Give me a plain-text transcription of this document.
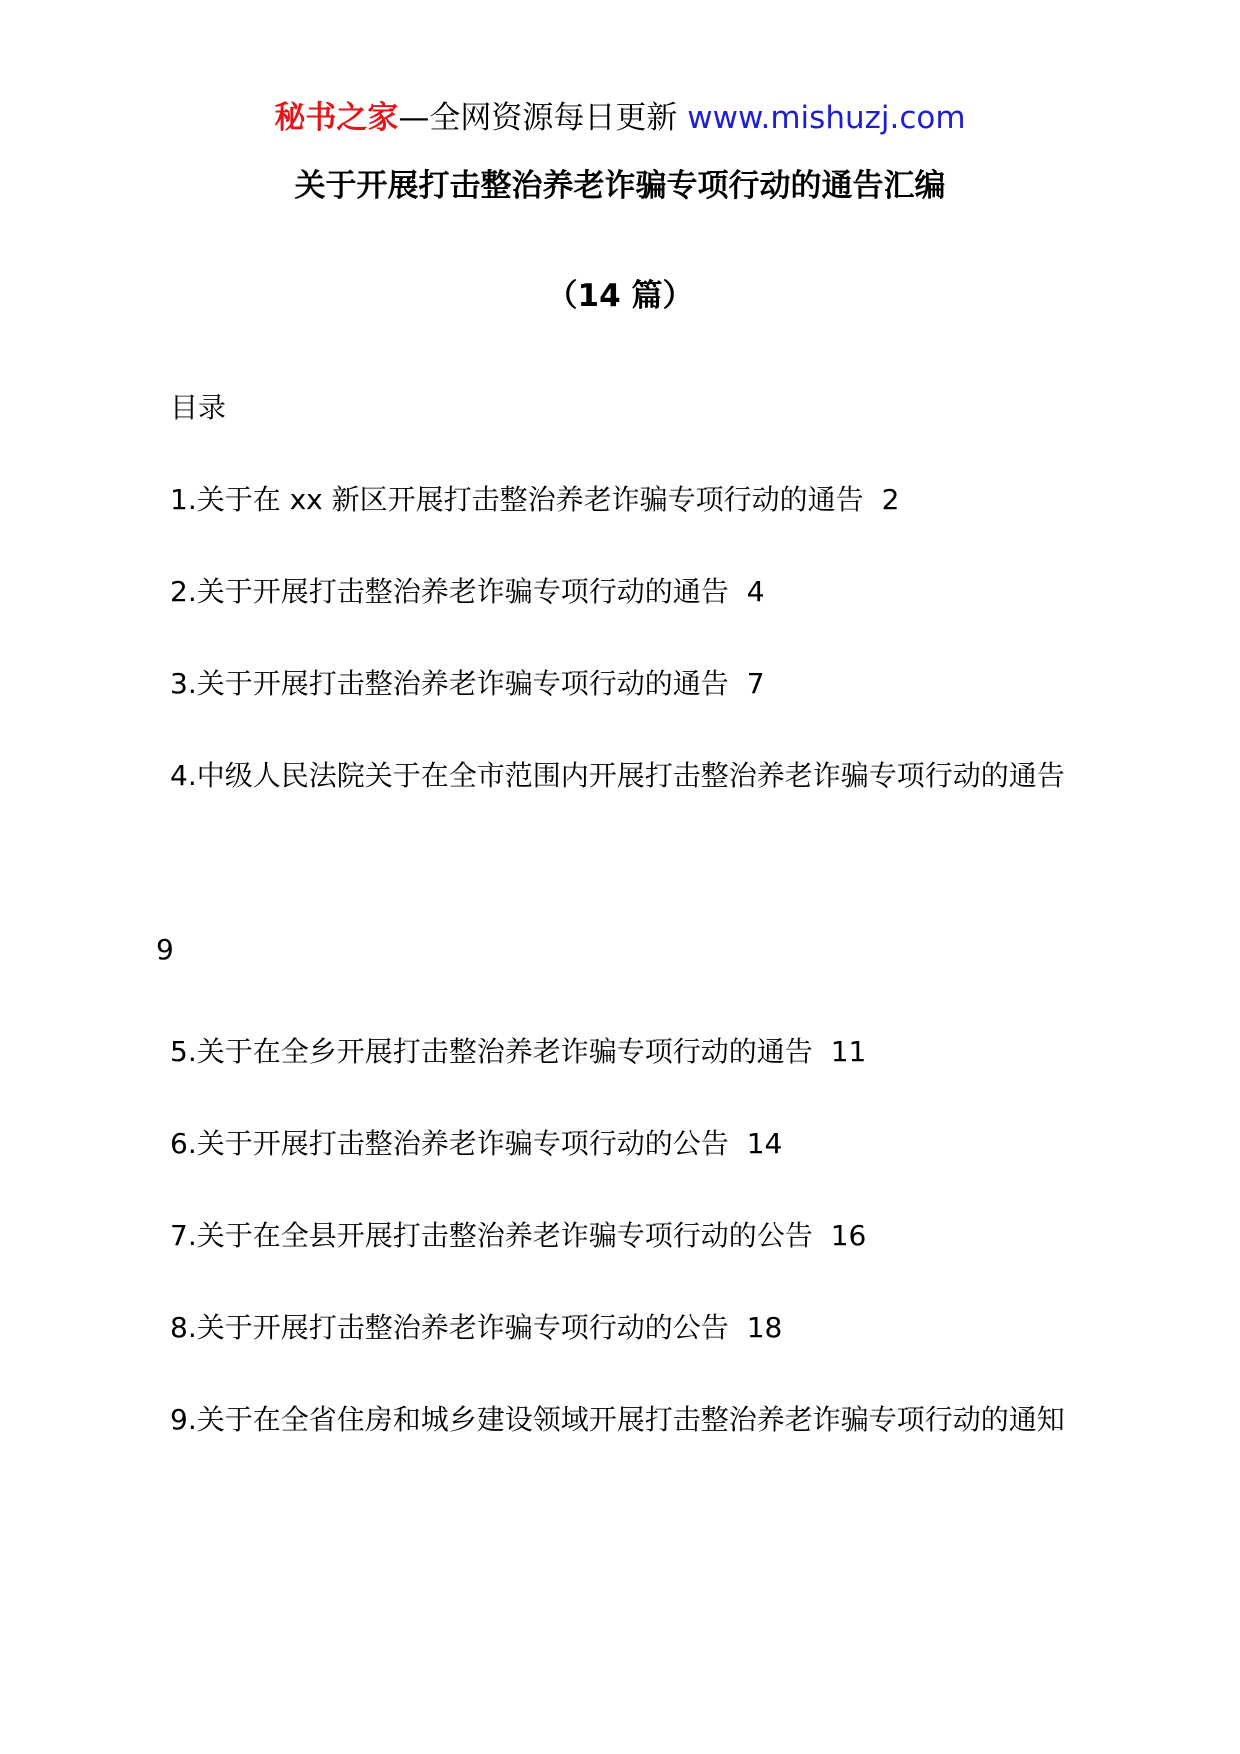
秘书之家—全网资源每日更新 www.mishuzj.com
关于开展打击整治养老诈骗专项行动的通告汇编
（14 篇）
目录
1.关于在 xx 新区开展打击整治养老诈骗专项行动的通告 2
2.关于开展打击整治养老诈骗专项行动的通告 4
3.关于开展打击整治养老诈骗专项行动的通告 7
4.中级人民法院关于在全市范围内开展打击整治养老诈骗专项行动的通告
9
5.关于在全乡开展打击整治养老诈骗专项行动的通告 11
6.关于开展打击整治养老诈骗专项行动的公告 14
7.关于在全县开展打击整治养老诈骗专项行动的公告 16
8.关于开展打击整治养老诈骗专项行动的公告 18
9.关于在全省住房和城乡建设领域开展打击整治养老诈骗专项行动的通知
